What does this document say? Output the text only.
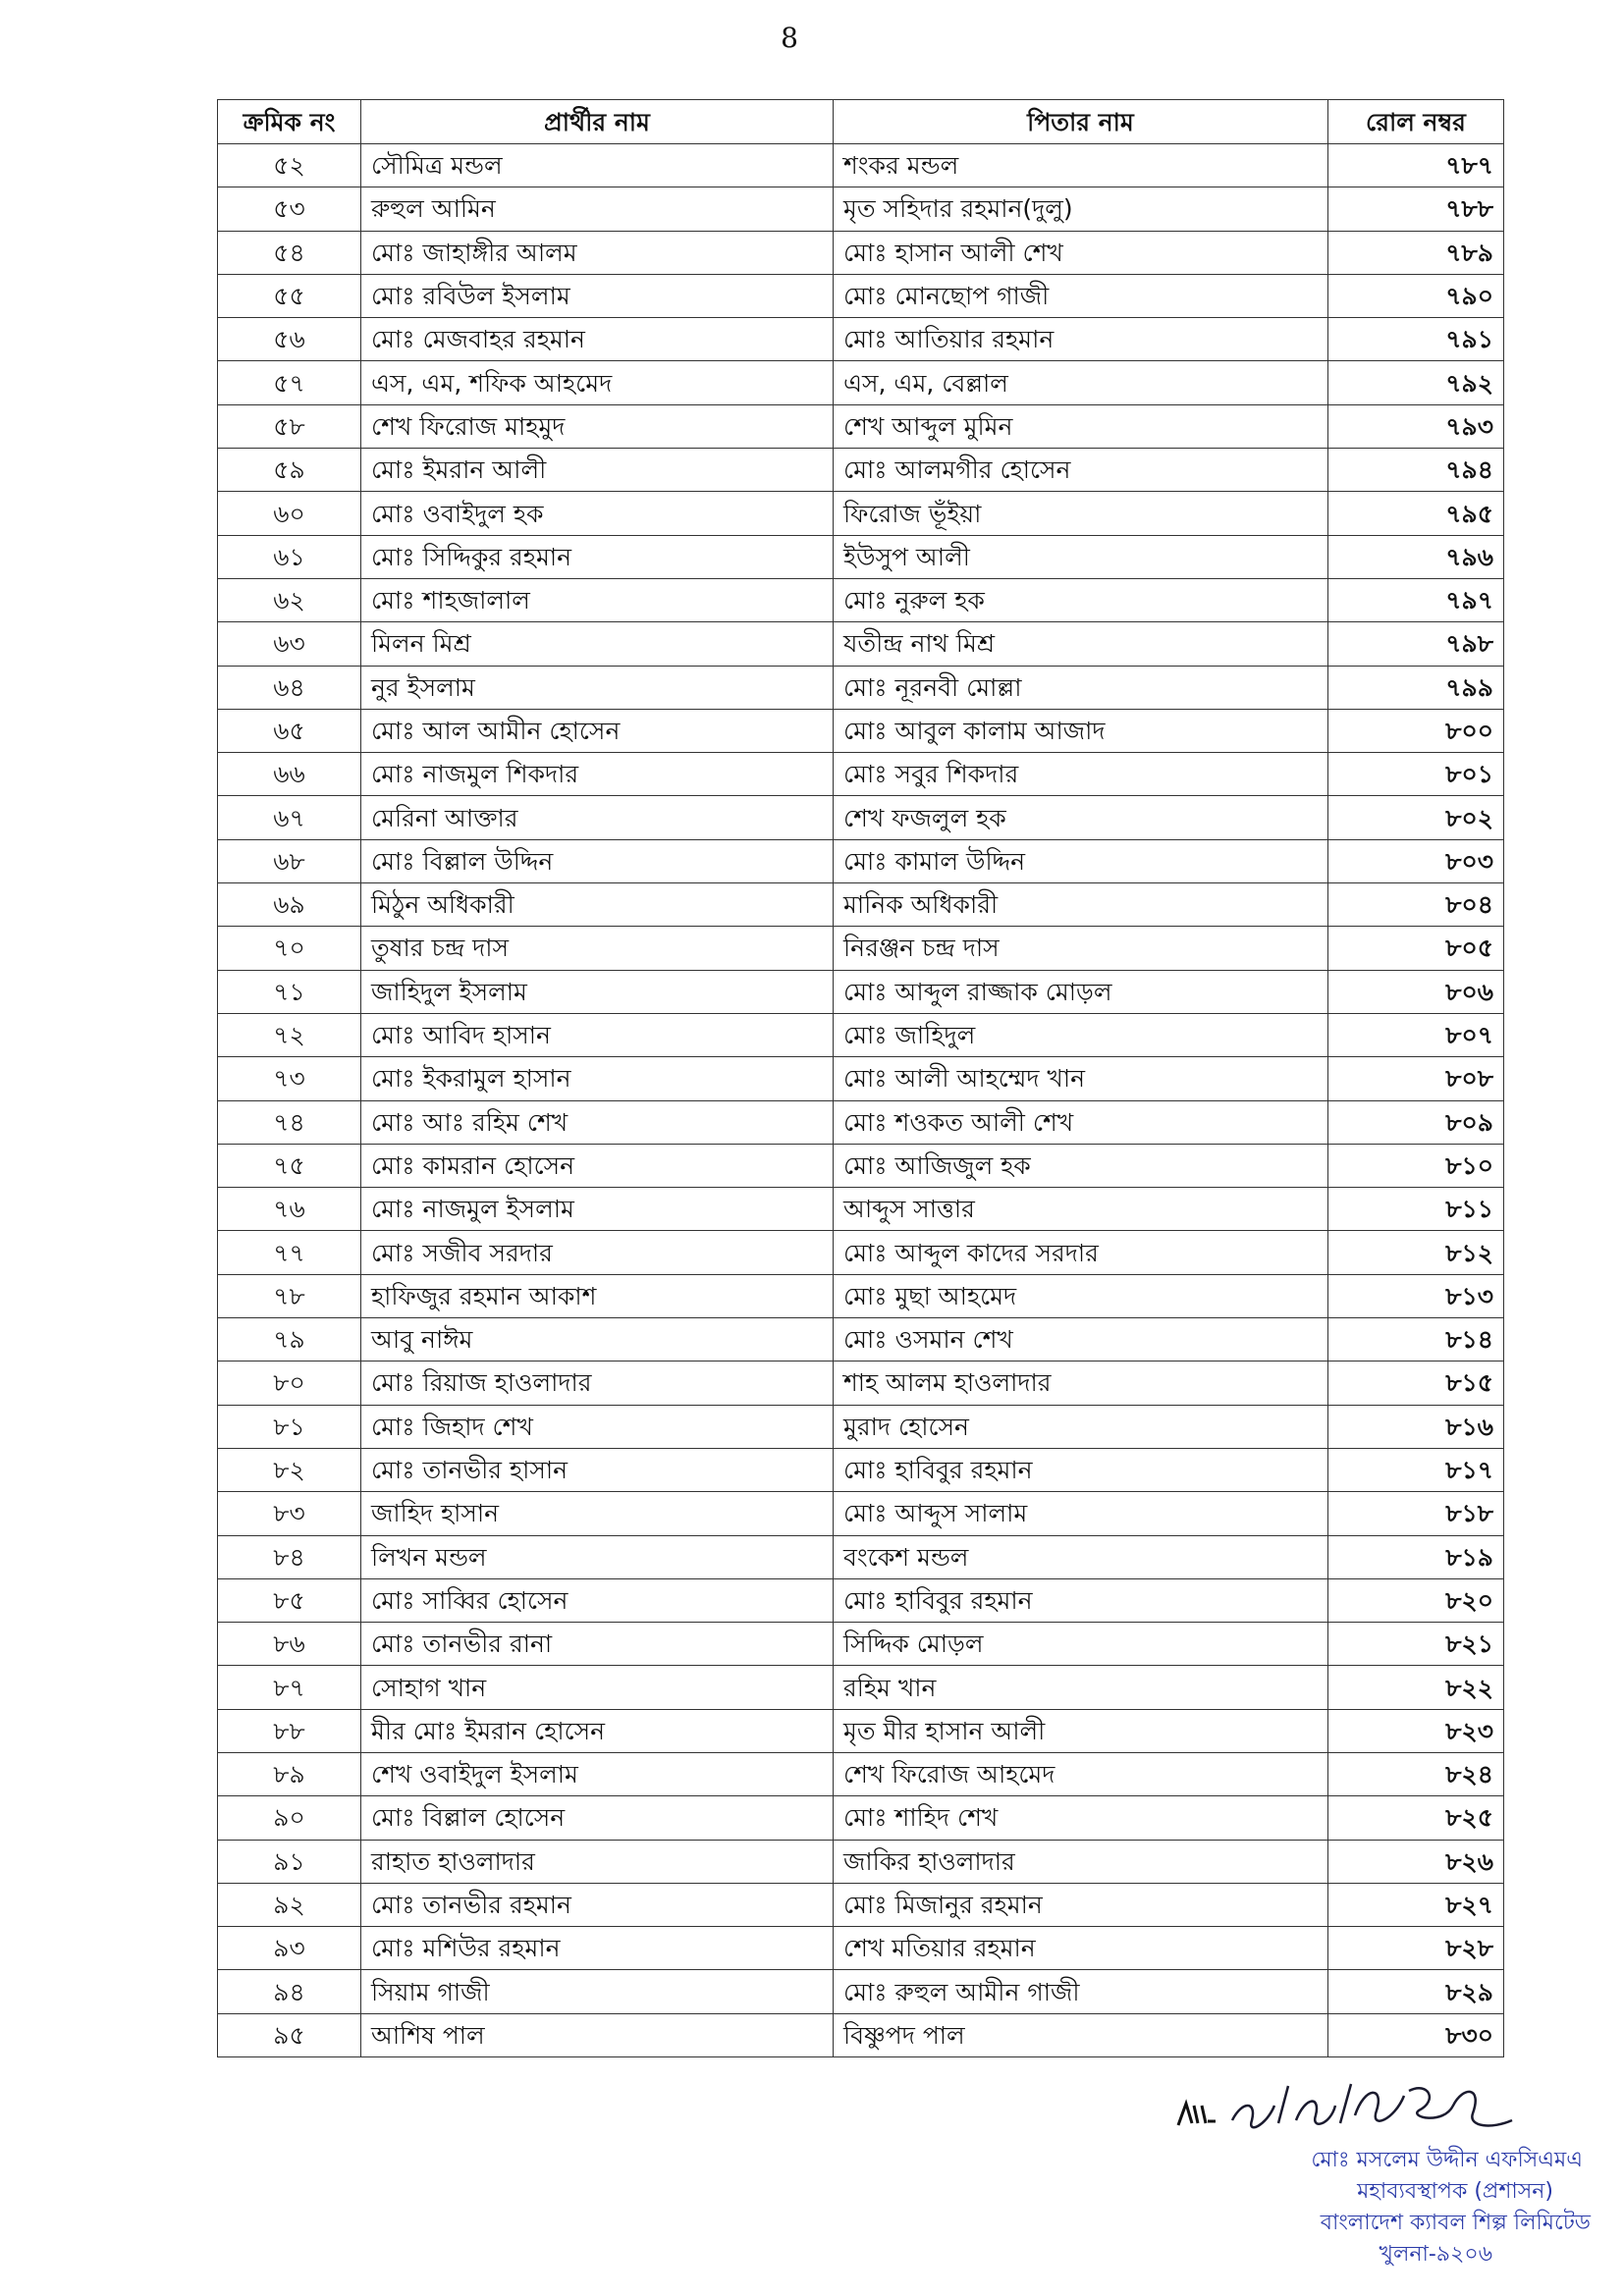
8
ক্রমিক নং	প্রার্থীর নাম	পিতার নাম	রোল নম্বর
৫২	সৌমিত্র মন্ডল	শংকর মন্ডল	৭৮৭
৫৩	রুহুল আমিন	মৃত সহিদার রহমান(দুলু)	৭৮৮
৫৪	মোঃ জাহাঙ্গীর আলম	মোঃ হাসান আলী শেখ	৭৮৯
৫৫	মোঃ রবিউল ইসলাম	মোঃ মোনছোপ গাজী	৭৯০
৫৬	মোঃ মেজবাহর রহমান	মোঃ আতিয়ার রহমান	৭৯১
৫৭	এস, এম, শফিক আহমেদ	এস, এম, বেল্লাল	৭৯২
৫৮	শেখ ফিরোজ মাহমুদ	শেখ আব্দুল মুমিন	৭৯৩
৫৯	মোঃ ইমরান আলী	মোঃ আলমগীর হোসেন	৭৯৪
৬০	মোঃ ওবাইদুল হক	ফিরোজ ভূঁইয়া	৭৯৫
৬১	মোঃ সিদ্দিকুর রহমান	ইউসুপ আলী	৭৯৬
৬২	মোঃ শাহজালাল	মোঃ নুরুল হক	৭৯৭
৬৩	মিলন মিশ্র	যতীন্দ্র নাথ মিশ্র	৭৯৮
৬৪	নুর ইসলাম	মোঃ নূরনবী মোল্লা	৭৯৯
৬৫	মোঃ আল আমীন হোসেন	মোঃ আবুল কালাম আজাদ	৮০০
৬৬	মোঃ নাজমুল শিকদার	মোঃ সবুর শিকদার	৮০১
৬৭	মেরিনা আক্তার	শেখ ফজলুল হক	৮০২
৬৮	মোঃ বিল্লাল উদ্দিন	মোঃ কামাল উদ্দিন	৮০৩
৬৯	মিঠুন অধিকারী	মানিক অধিকারী	৮০৪
৭০	তুষার চন্দ্র দাস	নিরঞ্জন চন্দ্র দাস	৮০৫
৭১	জাহিদুল ইসলাম	মোঃ আব্দুল রাজ্জাক মোড়ল	৮০৬
৭২	মোঃ আবিদ হাসান	মোঃ জাহিদুল	৮০৭
৭৩	মোঃ ইকরামুল হাসান	মোঃ আলী আহম্মেদ খান	৮০৮
৭৪	মোঃ আঃ রহিম শেখ	মোঃ শওকত আলী শেখ	৮০৯
৭৫	মোঃ কামরান হোসেন	মোঃ আজিজুল হক	৮১০
৭৬	মোঃ নাজমুল ইসলাম	আব্দুস সাত্তার	৮১১
৭৭	মোঃ সজীব সরদার	মোঃ আব্দুল কাদের সরদার	৮১২
৭৮	হাফিজুর রহমান আকাশ	মোঃ মুছা আহমেদ	৮১৩
৭৯	আবু নাঈম	মোঃ ওসমান শেখ	৮১৪
৮০	মোঃ রিয়াজ হাওলাদার	শাহ আলম হাওলাদার	৮১৫
৮১	মোঃ জিহাদ শেখ	মুরাদ হোসেন	৮১৬
৮২	মোঃ তানভীর হাসান	মোঃ হাবিবুর রহমান	৮১৭
৮৩	জাহিদ হাসান	মোঃ আব্দুস সালাম	৮১৮
৮৪	লিখন মন্ডল	বংকেশ মন্ডল	৮১৯
৮৫	মোঃ সাব্বির হোসেন	মোঃ হাবিবুর রহমান	৮২০
৮৬	মোঃ তানভীর রানা	সিদ্দিক মোড়ল	৮২১
৮৭	সোহাগ খান	রহিম খান	৮২২
৮৮	মীর মোঃ ইমরান হোসেন	মৃত মীর হাসান আলী	৮২৩
৮৯	শেখ ওবাইদুল ইসলাম	শেখ ফিরোজ আহমেদ	৮২৪
৯০	মোঃ বিল্লাল হোসেন	মোঃ শাহিদ শেখ	৮২৫
৯১	রাহাত হাওলাদার	জাকির হাওলাদার	৮২৬
৯২	মোঃ তানভীর রহমান	মোঃ মিজানুর রহমান	৮২৭
৯৩	মোঃ মশিউর রহমান	শেখ মতিয়ার রহমান	৮২৮
৯৪	সিয়াম গাজী	মোঃ রুহুল আমীন গাজী	৮২৯
৯৫	আশিষ পাল	বিষ্ণুপদ পাল	৮৩০
মোঃ মসলেম উদ্দীন এফসিএমএ
মহাব্যবস্থাপক (প্রশাসন)
বাংলাদেশ ক্যাবল শিল্প লিমিটেড
খুলনা-৯২০৬
